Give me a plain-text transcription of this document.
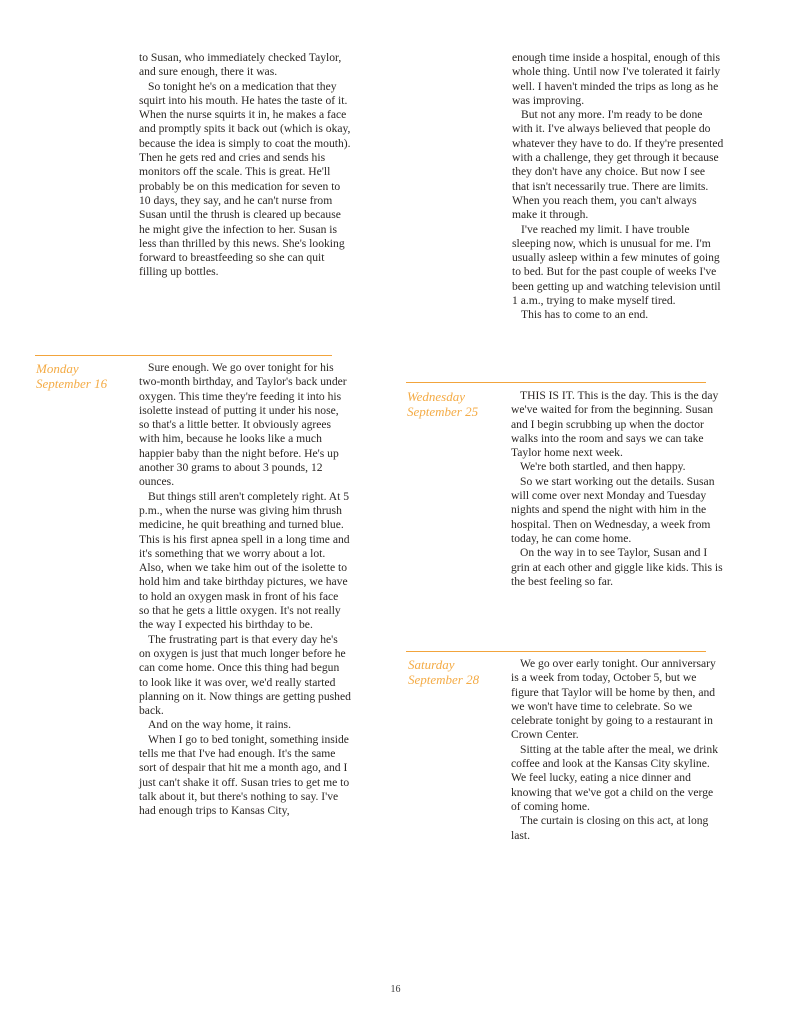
to Susan, who immediately checked Taylor, and sure enough, there it was.

So tonight he's on a medication that they squirt into his mouth. He hates the taste of it. When the nurse squirts it in, he makes a face and promptly spits it back out (which is okay, because the idea is simply to coat the mouth). Then he gets red and cries and sends his monitors off the scale. This is great. He'll probably be on this medication for seven to 10 days, they say, and he can't nurse from Susan until the thrush is cleared up because he might give the infection to her. Susan is less than thrilled by this news. She's looking forward to breastfeeding so she can quit filling up bottles.

Monday
September 16

Sure enough. We go over tonight for his two-month birthday, and Taylor's back under oxygen. This time they're feeding it into his isolette instead of putting it under his nose, so that's a little better. It obviously agrees with him, because he looks like a much happier baby than the night before. He's up another 30 grams to about 3 pounds, 12 ounces.

But things still aren't completely right. At 5 p.m., when the nurse was giving him thrush medicine, he quit breathing and turned blue. This is his first apnea spell in a long time and it's something that we worry about a lot. Also, when we take him out of the isolette to hold him and take birthday pictures, we have to hold an oxygen mask in front of his face so that he gets a little oxygen. It's not really the way I expected his birthday to be.

The frustrating part is that every day he's on oxygen is just that much longer before he can come home. Once this thing had begun to look like it was over, we'd really started planning on it. Now things are getting pushed back.

And on the way home, it rains.

When I go to bed tonight, something inside tells me that I've had enough. It's the same sort of despair that hit me a month ago, and I just can't shake it off. Susan tries to get me to talk about it, but there's nothing to say. I've had enough trips to Kansas City,

enough time inside a hospital, enough of this whole thing. Until now I've tolerated it fairly well. I haven't minded the trips as long as he was improving.

But not any more. I'm ready to be done with it. I've always believed that people do whatever they have to do. If they're presented with a challenge, they get through it because they don't have any choice. But now I see that isn't necessarily true. There are limits. When you reach them, you can't always make it through.

I've reached my limit. I have trouble sleeping now, which is unusual for me. I'm usually asleep within a few minutes of going to bed. But for the past couple of weeks I've been getting up and watching television until 1 a.m., trying to make myself tired.

This has to come to an end.

Wednesday
September 25

THIS IS IT. This is the day. This is the day we've waited for from the beginning. Susan and I begin scrubbing up when the doctor walks into the room and says we can take Taylor home next week.

We're both startled, and then happy.

So we start working out the details. Susan will come over next Monday and Tuesday nights and spend the night with him in the hospital. Then on Wednesday, a week from today, he can come home.

On the way in to see Taylor, Susan and I grin at each other and giggle like kids. This is the best feeling so far.

Saturday
September 28

We go over early tonight. Our anniversary is a week from today, October 5, but we figure that Taylor will be home by then, and we won't have time to celebrate. So we celebrate tonight by going to a restaurant in Crown Center.

Sitting at the table after the meal, we drink coffee and look at the Kansas City skyline. We feel lucky, eating a nice dinner and knowing that we've got a child on the verge of coming home.

The curtain is closing on this act, at long last.

16
